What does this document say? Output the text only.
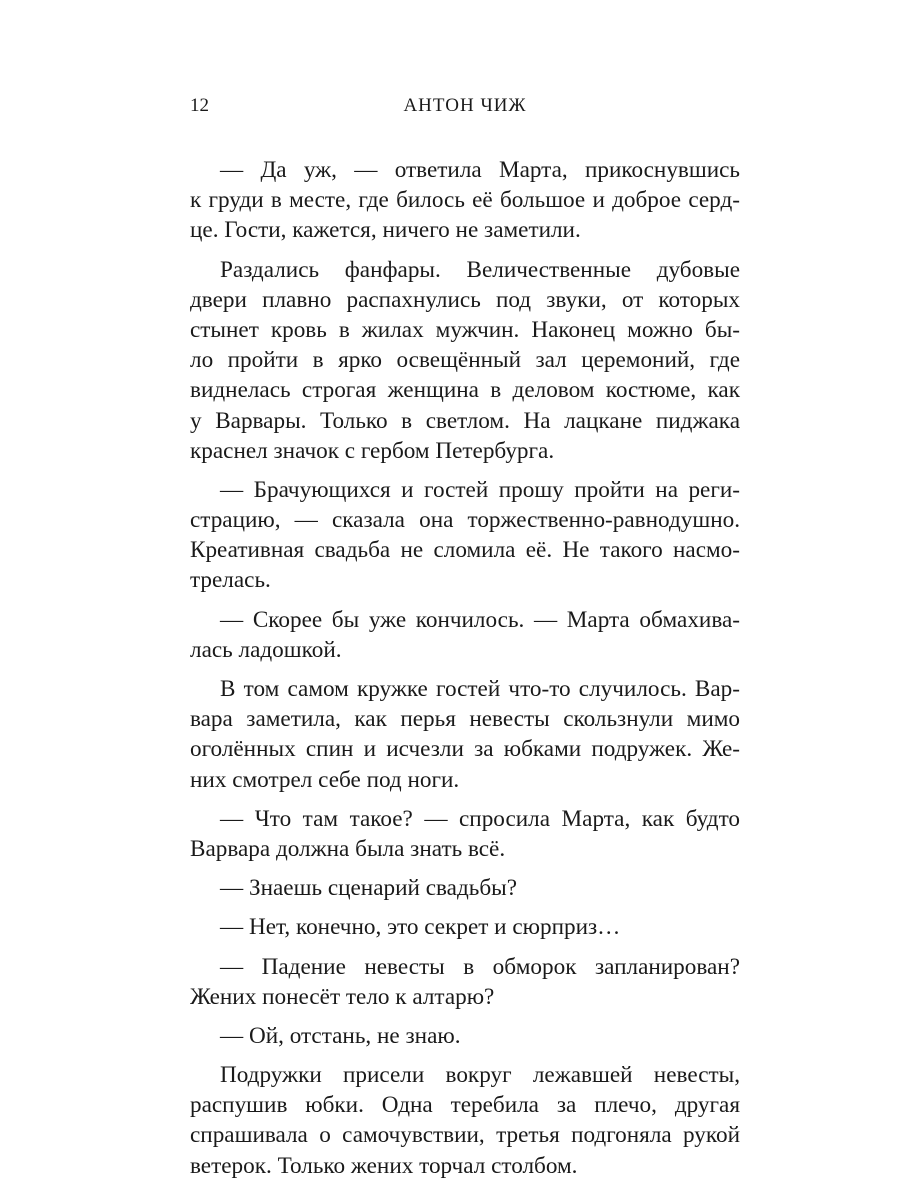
12	АНТОН ЧИЖ
— Да уж, — ответила Марта, прикоснувшись
к груди в месте, где билось её большое и доброе серд-
це. Гости, кажется, ничего не заметили.
Раздались фанфары. Величественные дубовые
двери плавно распахнулись под звуки, от которых
стынет кровь в жилах мужчин. Наконец можно бы-
ло пройти в ярко освещённый зал церемоний, где
виднелась строгая женщина в деловом костюме, как
у Варвары. Только в светлом. На лацкане пиджака
краснел значок с гербом Петербурга.
— Брачующихся и гостей прошу пройти на реги-
страцию, — сказала она торжественно-равнодушно.
Креативная свадьба не сломила её. Не такого насмо-
трелась.
— Скорее бы уже кончилось. — Марта обмахива-
лась ладошкой.
В том самом кружке гостей что-то случилось. Вар-
вара заметила, как перья невесты скользнули мимо
оголённых спин и исчезли за юбками подружек. Же-
них смотрел себе под ноги.
— Что там такое? — спросила Марта, как будто
Варвара должна была знать всё.
— Знаешь сценарий свадьбы?
— Нет, конечно, это секрет и сюрприз…
— Падение невесты в обморок запланирован?
Жених понесёт тело к алтарю?
— Ой, отстань, не знаю.
Подружки присели вокруг лежавшей невесты,
распушив юбки. Одна теребила за плечо, другая
спрашивала о самочувствии, третья подгоняла рукой
ветерок. Только жених торчал столбом.
